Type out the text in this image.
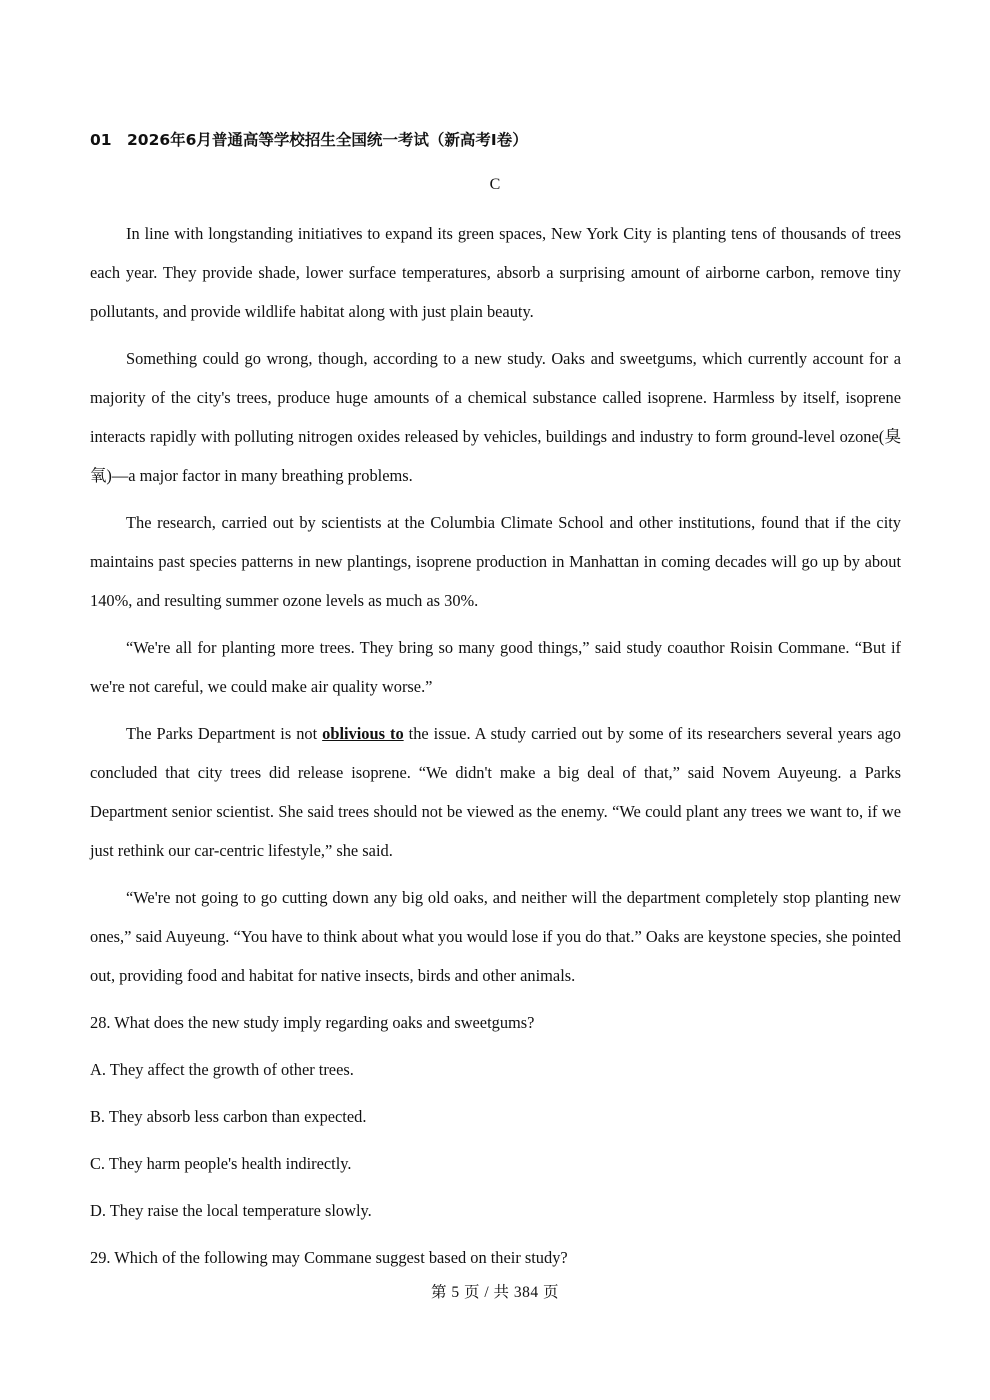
01 2026年6月普通高等学校招生全国统一考试（新高考I卷）
C

In line with longstanding initiatives to expand its green spaces, New York City is planting tens of thousands of trees each year. They provide shade, lower surface temperatures, absorb a surprising amount of airborne carbon, remove tiny pollutants, and provide wildlife habitat along with just plain beauty.

Something could go wrong, though, according to a new study. Oaks and sweetgums, which currently account for a majority of the city's trees, produce huge amounts of a chemical substance called isoprene. Harmless by itself, isoprene interacts rapidly with polluting nitrogen oxides released by vehicles, buildings and industry to form ground-level ozone(臭氧)—a major factor in many breathing problems.

The research, carried out by scientists at the Columbia Climate School and other institutions, found that if the city maintains past species patterns in new plantings, isoprene production in Manhattan in coming decades will go up by about 140%, and resulting summer ozone levels as much as 30%.

“We're all for planting more trees. They bring so many good things,” said study coauthor Roisin Commane. “But if we're not careful, we could make air quality worse.”

The Parks Department is not oblivious to the issue. A study carried out by some of its researchers several years ago concluded that city trees did release isoprene. “We didn't make a big deal of that,” said Novem Auyeung. a Parks Department senior scientist. She said trees should not be viewed as the enemy. “We could plant any trees we want to, if we just rethink our car-centric lifestyle,” she said.

“We're not going to go cutting down any big old oaks, and neither will the department completely stop planting new ones,” said Auyeung. “You have to think about what you would lose if you do that.” Oaks are keystone species, she pointed out, providing food and habitat for native insects, birds and other animals.

28. What does the new study imply regarding oaks and sweetgums?

A. They affect the growth of other trees.

B. They absorb less carbon than expected.

C. They harm people's health indirectly.

D. They raise the local temperature slowly.

29. Which of the following may Commane suggest based on their study?

第 5 页 / 共 384 页
